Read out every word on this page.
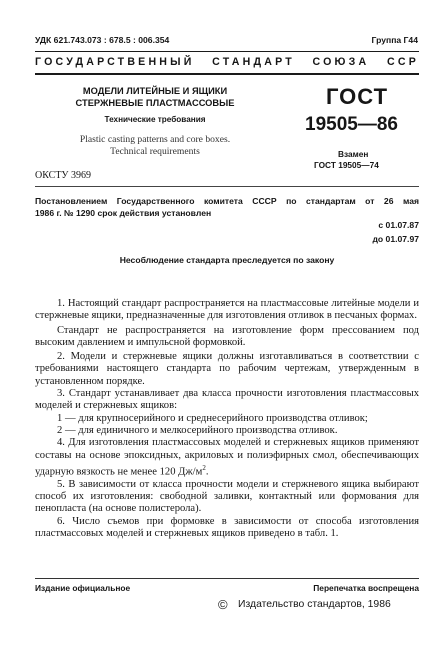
УДК 621.743.073 : 678.5 : 006.354	Группа Г44
ГОСУДАРСТВЕННЫЙ СТАНДАРТ СОЮЗА ССР
МОДЕЛИ ЛИТЕЙНЫЕ И ЯЩИКИ
СТЕРЖНЕВЫЕ ПЛАСТМАССОВЫЕ
Технические требования
Plastic casting patterns and core boxes.
Technical requirements
ГОСТ
19505—86
Взамен
ГОСТ 19505—74
ОКСТУ 3969
Постановлением Государственного комитета СССР по стандартам от 26 мая
1986 г. № 1290 срок действия установлен
с 01.07.87
до 01.07.97
Несоблюдение стандарта преследуется по закону

1. Настоящий стандарт распространяется на пластмассовые литейные модели и стержневые ящики, предназначенные для изготовления отливок в песчаных формах.

Стандарт не распространяется на изготовление форм прессованием под высоким давлением и импульсной формовкой.

2. Модели и стержневые ящики должны изготавливаться в соответствии с требованиями настоящего стандарта по рабочим чертежам, утвержденным в установленном порядке.

3. Стандарт устанавливает два класса прочности изготовления пластмассовых моделей и стержневых ящиков:

1 — для крупносерийного и среднесерийного производства отливок;

2 — для единичного и мелкосерийного производства отливок.

4. Для изготовления пластмассовых моделей и стержневых ящиков применяют составы на основе эпоксидных, акриловых и полиэфирных смол, обеспечивающих ударную вязкость не менее 120 $Дж/м^2$.

5. В зависимости от класса прочности модели и стержневого ящика выбирают способ их изготовления: свободной заливки, контактный или формования для пенопласта (на основе полистерола).

6. Число съемов при формовке в зависимости от способа изготовления пластмассовых моделей и стержневых ящиков приведено в табл. 1.

Издание официальное	Перепечатка воспрещена
© Издательство стандартов, 1986
